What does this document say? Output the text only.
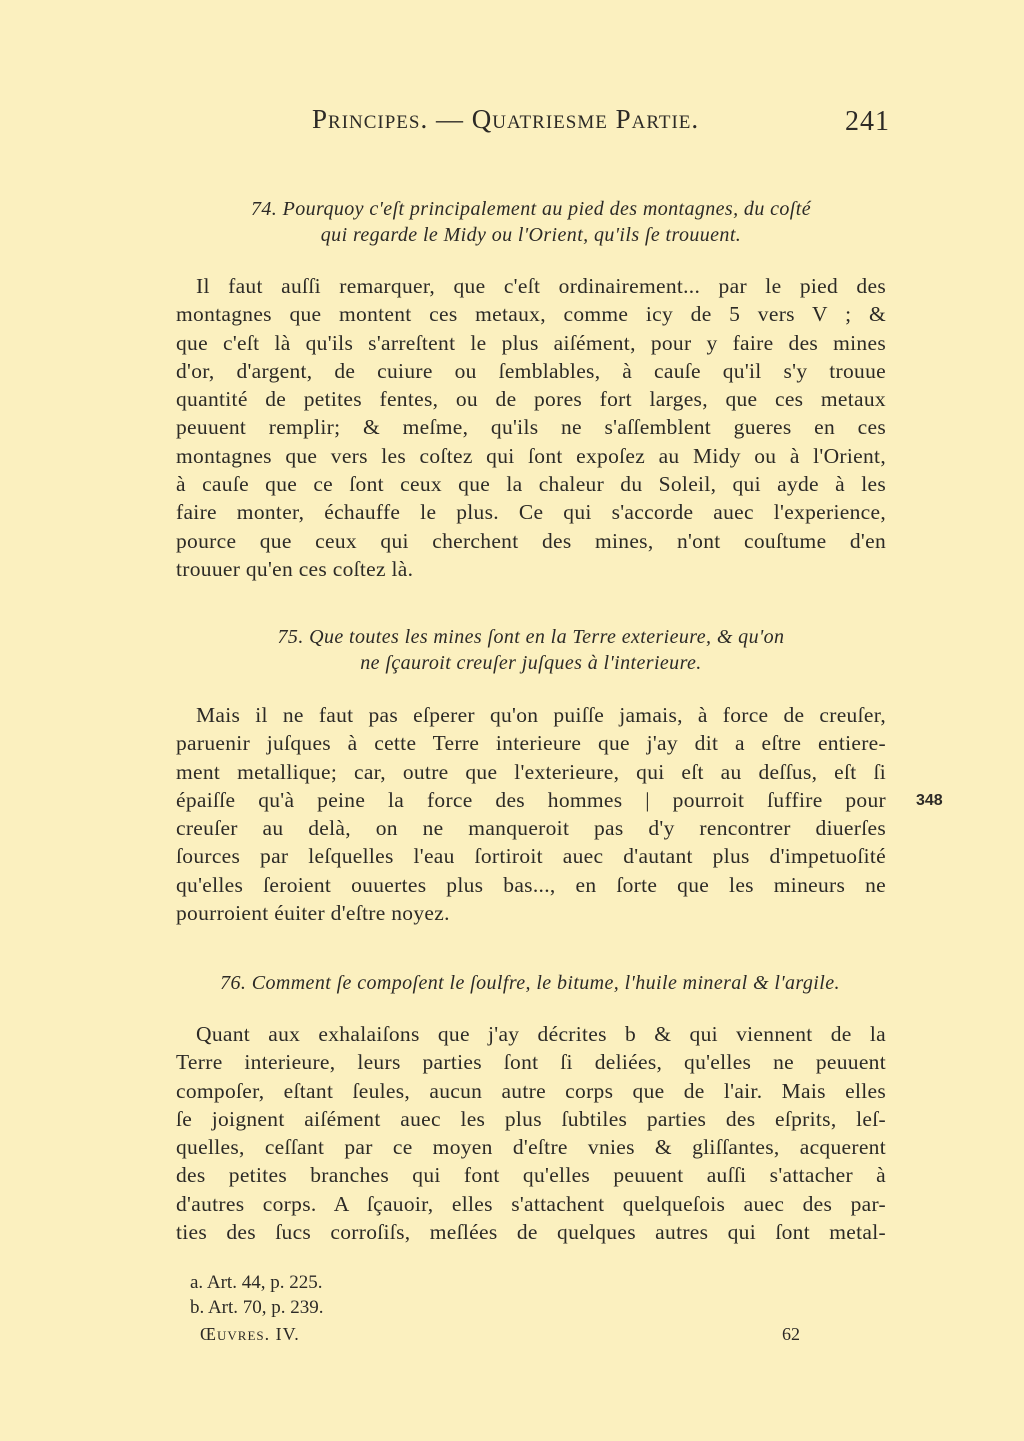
Principes. — Quatriesme Partie.	241
74. Pourquoy c'eſt principalement au pied des montagnes, du coſté
qui regarde le Midy ou l'Orient, qu'ils ſe trouuent.
Il faut auſſi remarquer, que c'eſt ordinairement... par le pied des
montagnes que montent ces metaux, comme icy de 5 vers V ; &
que c'eſt là qu'ils s'arreſtent le plus aiſément, pour y faire des mines
d'or, d'argent, de cuiure ou ſemblables, à cauſe qu'il s'y trouue
quantité de petites fentes, ou de pores fort larges, que ces metaux
peuuent remplir; & meſme, qu'ils ne s'aſſemblent gueres en ces
montagnes que vers les coſtez qui ſont expoſez au Midy ou à l'Orient,
à cauſe que ce ſont ceux que la chaleur du Soleil, qui ayde à les
faire monter, échauffe le plus. Ce qui s'accorde auec l'experience,
pource que ceux qui cherchent des mines, n'ont couſtume d'en
trouuer qu'en ces coſtez là.
75. Que toutes les mines ſont en la Terre exterieure, & qu'on
ne ſçauroit creuſer juſques à l'interieure.
Mais il ne faut pas eſperer qu'on puiſſe jamais, à force de creuſer,
paruenir juſques à cette Terre interieure que j'ay dit a eſtre entiere-
ment metallique; car, outre que l'exterieure, qui eſt au deſſus, eſt ſi
épaiſſe qu'à peine la force des hommes | pourroit ſuffire pour
creuſer au delà, on ne manqueroit pas d'y rencontrer diuerſes
ſources par leſquelles l'eau ſortiroit auec d'autant plus d'impetuoſité
qu'elles ſeroient ouuertes plus bas..., en ſorte que les mineurs ne
pourroient éuiter d'eſtre noyez.
348
76. Comment ſe compoſent le ſoulfre, le bitume, l'huile mineral & l'argile.
Quant aux exhalaiſons que j'ay décrites b & qui viennent de la
Terre interieure, leurs parties ſont ſi deliées, qu'elles ne peuuent
compoſer, eſtant ſeules, aucun autre corps que de l'air. Mais elles
ſe joignent aiſément auec les plus ſubtiles parties des eſprits, leſ-
quelles, ceſſant par ce moyen d'eſtre vnies & gliſſantes, acquerent
des petites branches qui font qu'elles peuuent auſſi s'attacher à
d'autres corps. A ſçauoir, elles s'attachent quelqueſois auec des par-
ties des ſucs corroſiſs, meſlées de quelques autres qui ſont metal-
a. Art. 44, p. 225.
b. Art. 70, p. 239.
Œuvres. IV.	62
